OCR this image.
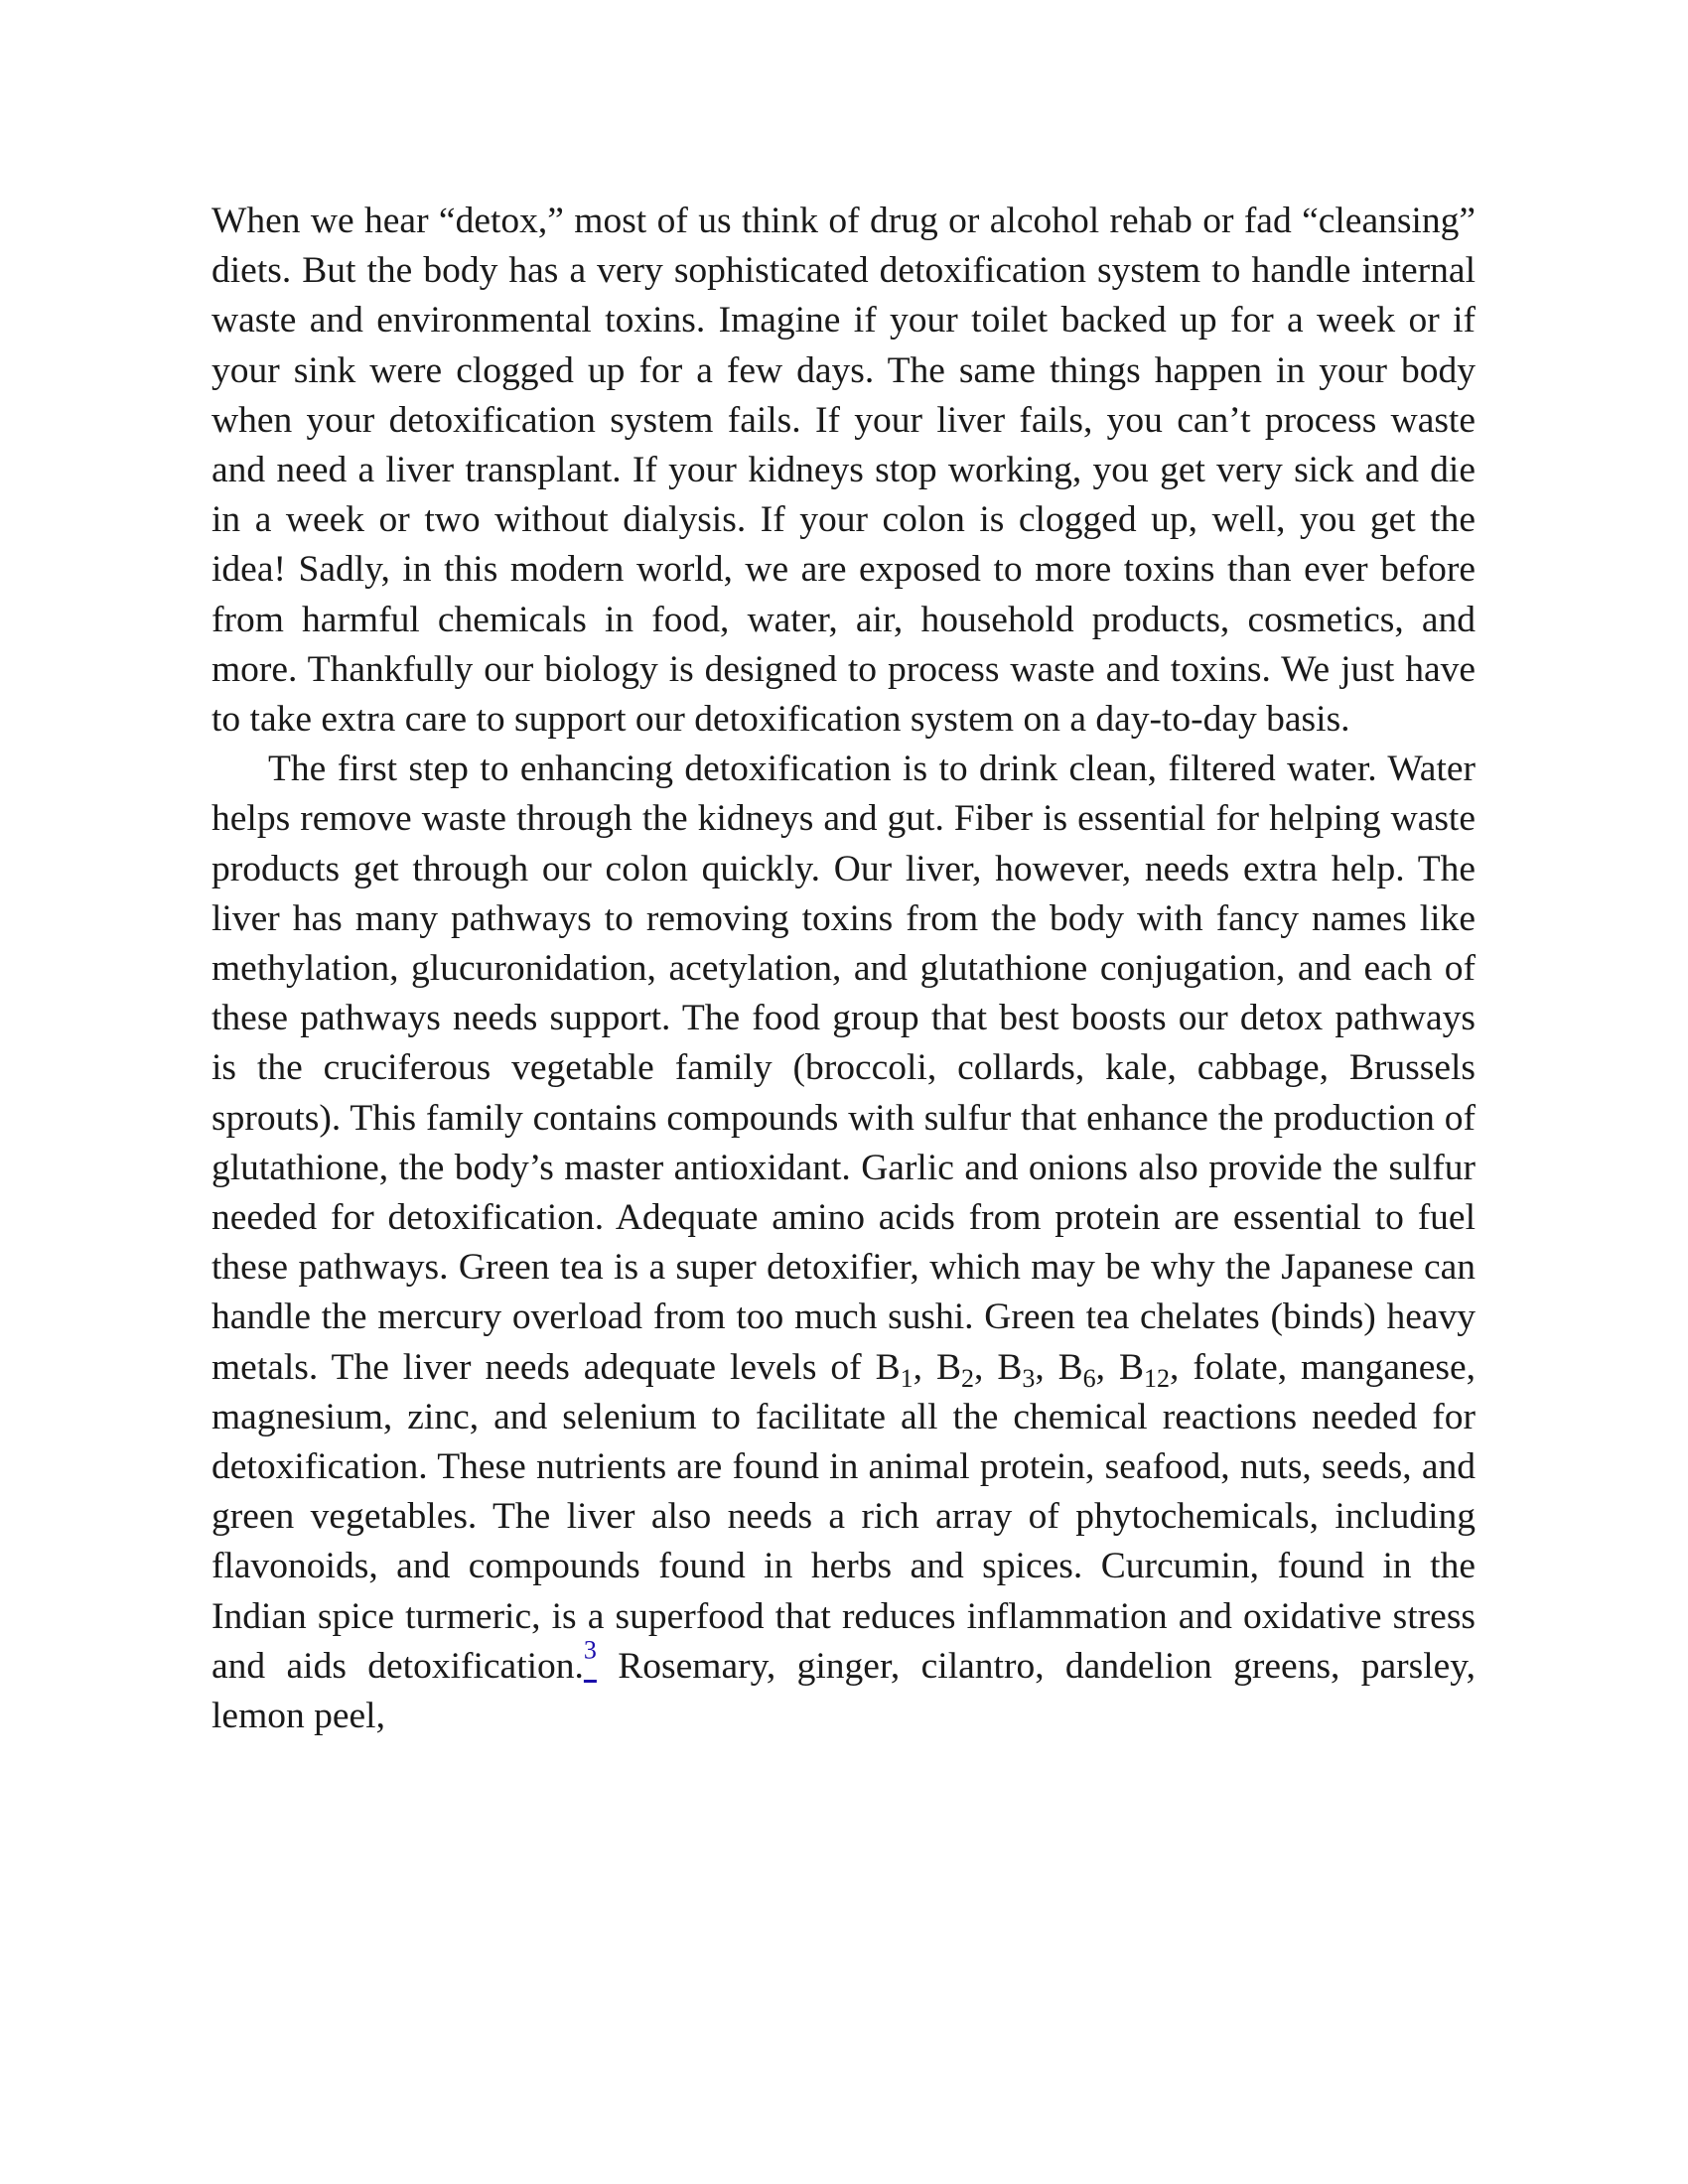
When we hear “detox,” most of us think of drug or alcohol rehab or fad “cleansing” diets. But the body has a very sophisticated detoxification system to handle internal waste and environmental toxins. Imagine if your toilet backed up for a week or if your sink were clogged up for a few days. The same things happen in your body when your detoxification system fails. If your liver fails, you can’t process waste and need a liver transplant. If your kidneys stop working, you get very sick and die in a week or two without dialysis. If your colon is clogged up, well, you get the idea! Sadly, in this modern world, we are exposed to more toxins than ever before from harmful chemicals in food, water, air, household products, cosmetics, and more. Thankfully our biology is designed to process waste and toxins. We just have to take extra care to support our detoxification system on a day-to-day basis.

The first step to enhancing detoxification is to drink clean, filtered water. Water helps remove waste through the kidneys and gut. Fiber is essential for helping waste products get through our colon quickly. Our liver, however, needs extra help. The liver has many pathways to removing toxins from the body with fancy names like methylation, glucuronidation, acetylation, and glutathione conjugation, and each of these pathways needs support. The food group that best boosts our detox pathways is the cruciferous vegetable family (broccoli, collards, kale, cabbage, Brussels sprouts). This family contains compounds with sulfur that enhance the production of glutathione, the body’s master antioxidant. Garlic and onions also provide the sulfur needed for detoxification. Adequate amino acids from protein are essential to fuel these pathways. Green tea is a super detoxifier, which may be why the Japanese can handle the mercury overload from too much sushi. Green tea chelates (binds) heavy metals. The liver needs adequate levels of $B_1$, $B_2$, $B_3$, $B_6$, $B_{12}$, folate, manganese, magnesium, zinc, and selenium to facilitate all the chemical reactions needed for detoxification. These nutrients are found in animal protein, seafood, nuts, seeds, and green vegetables. The liver also needs a rich array of phytochemicals, including flavonoids, and compounds found in herbs and spices. Curcumin, found in the Indian spice turmeric, is a superfood that reduces inflammation and oxidative stress and aids detoxification.$^3$ Rosemary, ginger, cilantro, dandelion greens, parsley, lemon peel,
